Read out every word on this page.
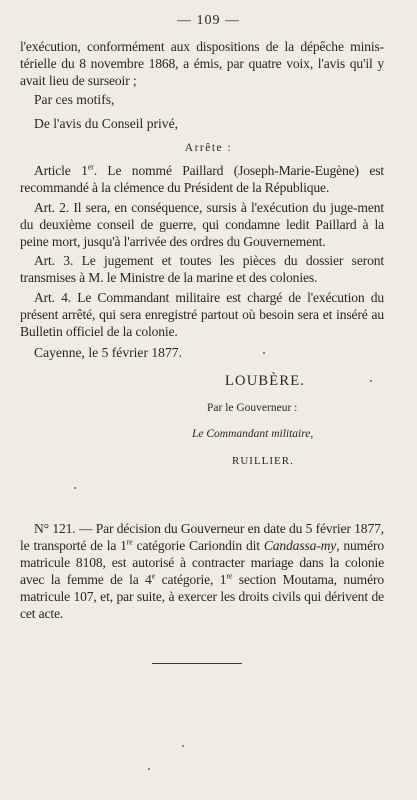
— 109 —
l'exécution, conformément aux dispositions de la dépêche minis-térielle du 8 novembre 1868, a émis, par quatre voix, l'avis qu'il y avait lieu de surseoir ;
Par ces motifs,
De l'avis du Conseil privé,
Arrête :
Article 1er. Le nommé Paillard (Joseph-Marie-Eugène) est recommandé à la clémence du Président de la République.
Art. 2. Il sera, en conséquence, sursis à l'exécution du juge-ment du deuxième conseil de guerre, qui condamne ledit Paillard à la peine mort, jusqu'à l'arrivée des ordres du Gouvernement.
Art. 3. Le jugement et toutes les pièces du dossier seront transmises à M. le Ministre de la marine et des colonies.
Art. 4. Le Commandant militaire est chargé de l'exécution du présent arrêté, qui sera enregistré partout où besoin sera et inséré au Bulletin officiel de la colonie.
Cayenne, le 5 février 1877.
LOUBÈRE.
Par le Gouverneur :
Le Commandant militaire,
RUILLIER.
N° 121. — Par décision du Gouverneur en date du 5 février 1877, le transporté de la 1re catégorie Cariondin dit Candassa-my, numéro matricule 8108, est autorisé à contracter mariage dans la colonie avec la femme de la 4e catégorie, 1re section Moutama, numéro matricule 107, et, par suite, à exercer les droits civils qui dérivent de cet acte.
